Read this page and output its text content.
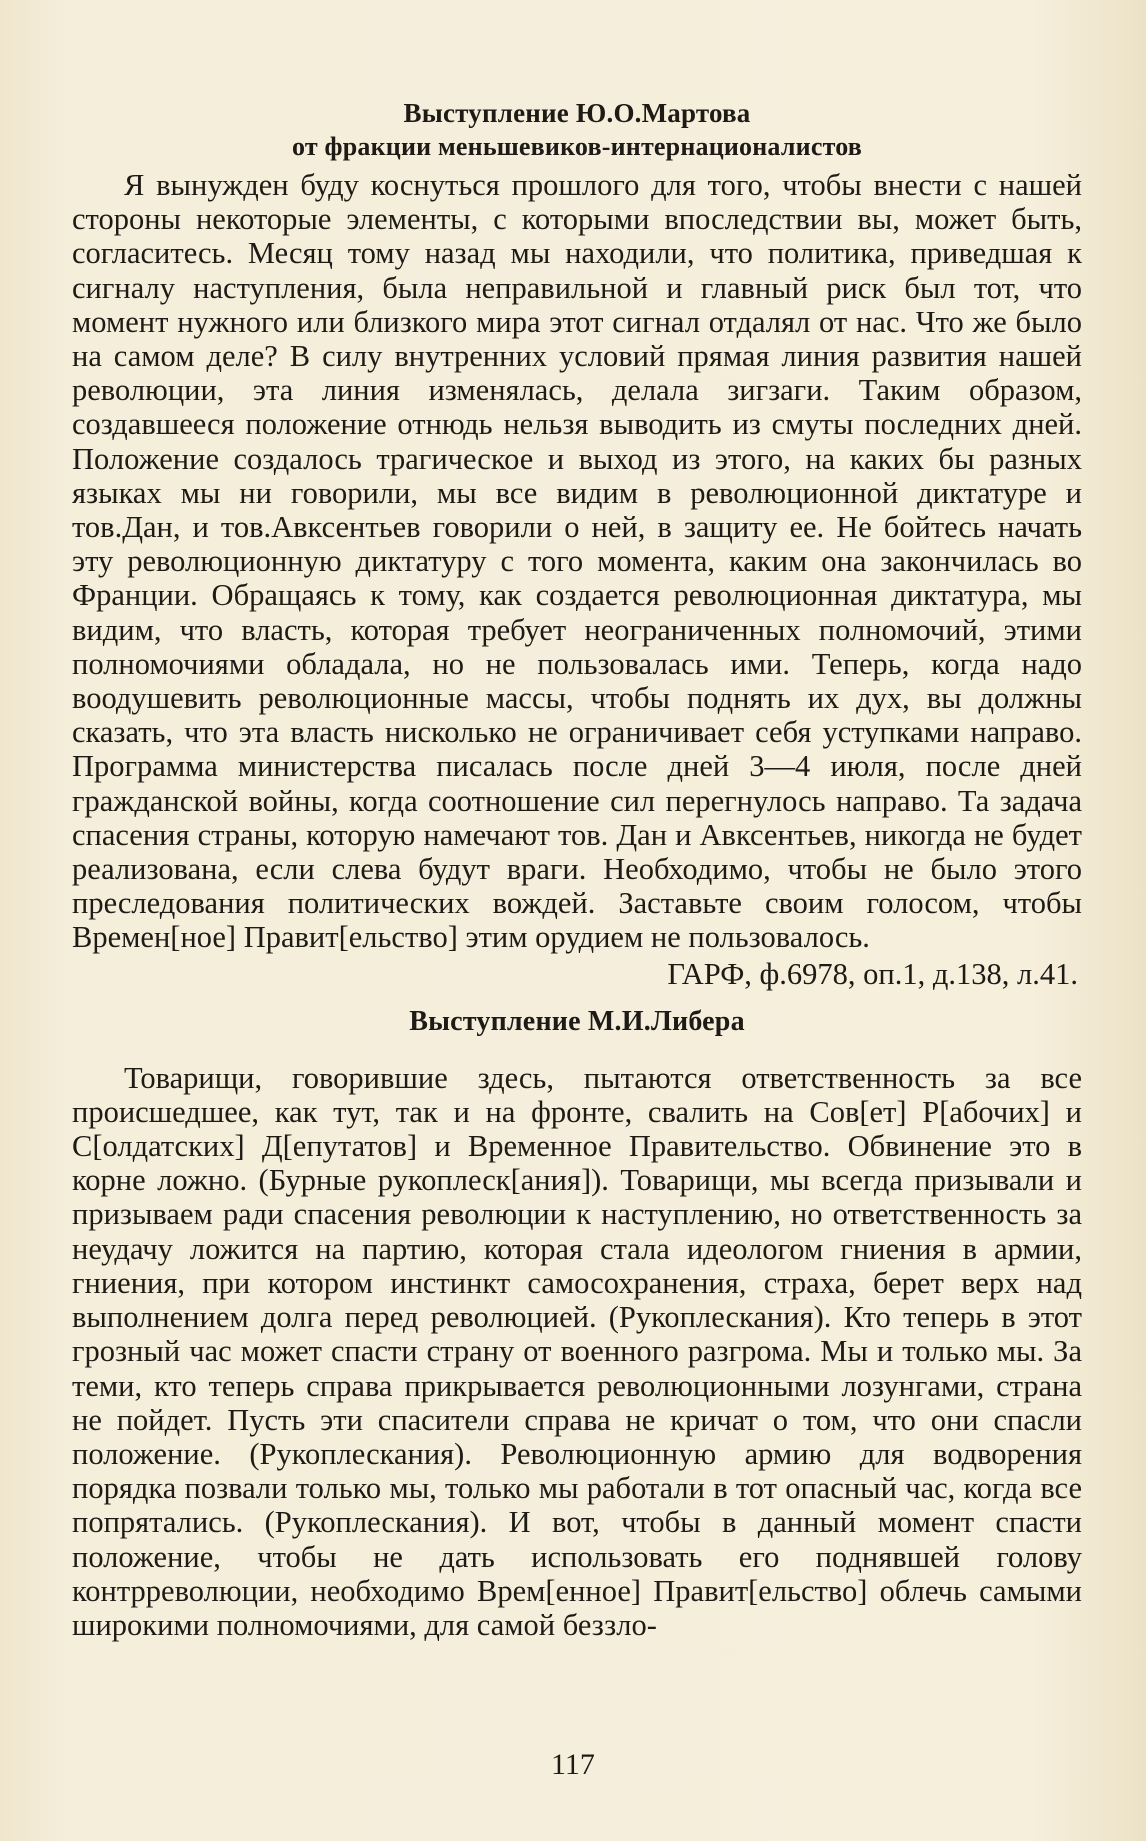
Выступление Ю.О.Мартова
от фракции меньшевиков-интернационалистов

Я вынужден буду коснуться прошлого для того, чтобы внести с нашей стороны некоторые элементы, с которыми впоследствии вы, может быть, согласитесь. Месяц тому назад мы находили, что политика, приведшая к сигналу наступления, была неправильной и главный риск был тот, что момент нужного или близкого мира этот сигнал отдалял от нас. Что же было на самом деле? В силу внутренних условий прямая линия развития нашей революции, эта линия изменялась, делала зигзаги. Таким образом, создавшееся положение отнюдь нельзя выводить из смуты последних дней. Положение создалось трагическое и выход из этого, на каких бы разных языках мы ни говорили, мы все видим в революционной диктатуре и тов.Дан, и тов.Авксентьев говорили о ней, в защиту ее. Не бойтесь начать эту революционную диктатуру с того момента, каким она закончилась во Франции. Обращаясь к тому, как создается революционная диктатура, мы видим, что власть, которая требует неограниченных полномочий, этими полномочиями обладала, но не пользовалась ими. Теперь, когда надо воодушевить революционные массы, чтобы поднять их дух, вы должны сказать, что эта власть нисколько не ограничивает себя уступками направо. Программа министерства писалась после дней 3—4 июля, после дней гражданской войны, когда соотношение сил перегнулось направо. Та задача спасения страны, которую намечают тов. Дан и Авксентьев, никогда не будет реализована, если слева будут враги. Необходимо, чтобы не было этого преследования политических вождей. Заставьте своим голосом, чтобы Времен[ное] Правит[ельство] этим орудием не пользовалось.

ГАРФ, ф.6978, оп.1, д.138, л.41.

Выступление М.И.Либера

Товарищи, говорившие здесь, пытаются ответственность за все происшедшее, как тут, так и на фронте, свалить на Сов[ет] Р[абочих] и С[олдатских] Д[епутатов] и Временное Правительство. Обвинение это в корне ложно. (Бурные рукоплеск[ания]). Товарищи, мы всегда призывали и призываем ради спасения революции к наступлению, но ответственность за неудачу ложится на партию, которая стала идеологом гниения в армии, гниения, при котором инстинкт самосохранения, страха, берет верх над выполнением долга перед революцией. (Рукоплескания). Кто теперь в этот грозный час может спасти страну от военного разгрома. Мы и только мы. За теми, кто теперь справа прикрывается революционными лозунгами, страна не пойдет. Пусть эти спасители справа не кричат о том, что они спасли положение. (Рукоплескания). Революционную армию для водворения порядка позвали только мы, только мы работали в тот опасный час, когда все попрятались. (Рукоплескания). И вот, чтобы в данный момент спасти положение, чтобы не дать использовать его поднявшей голову контрреволюции, необходимо Врем[енное] Правит[ельство] облечь самыми широкими полномочиями, для самой беззло-

117
